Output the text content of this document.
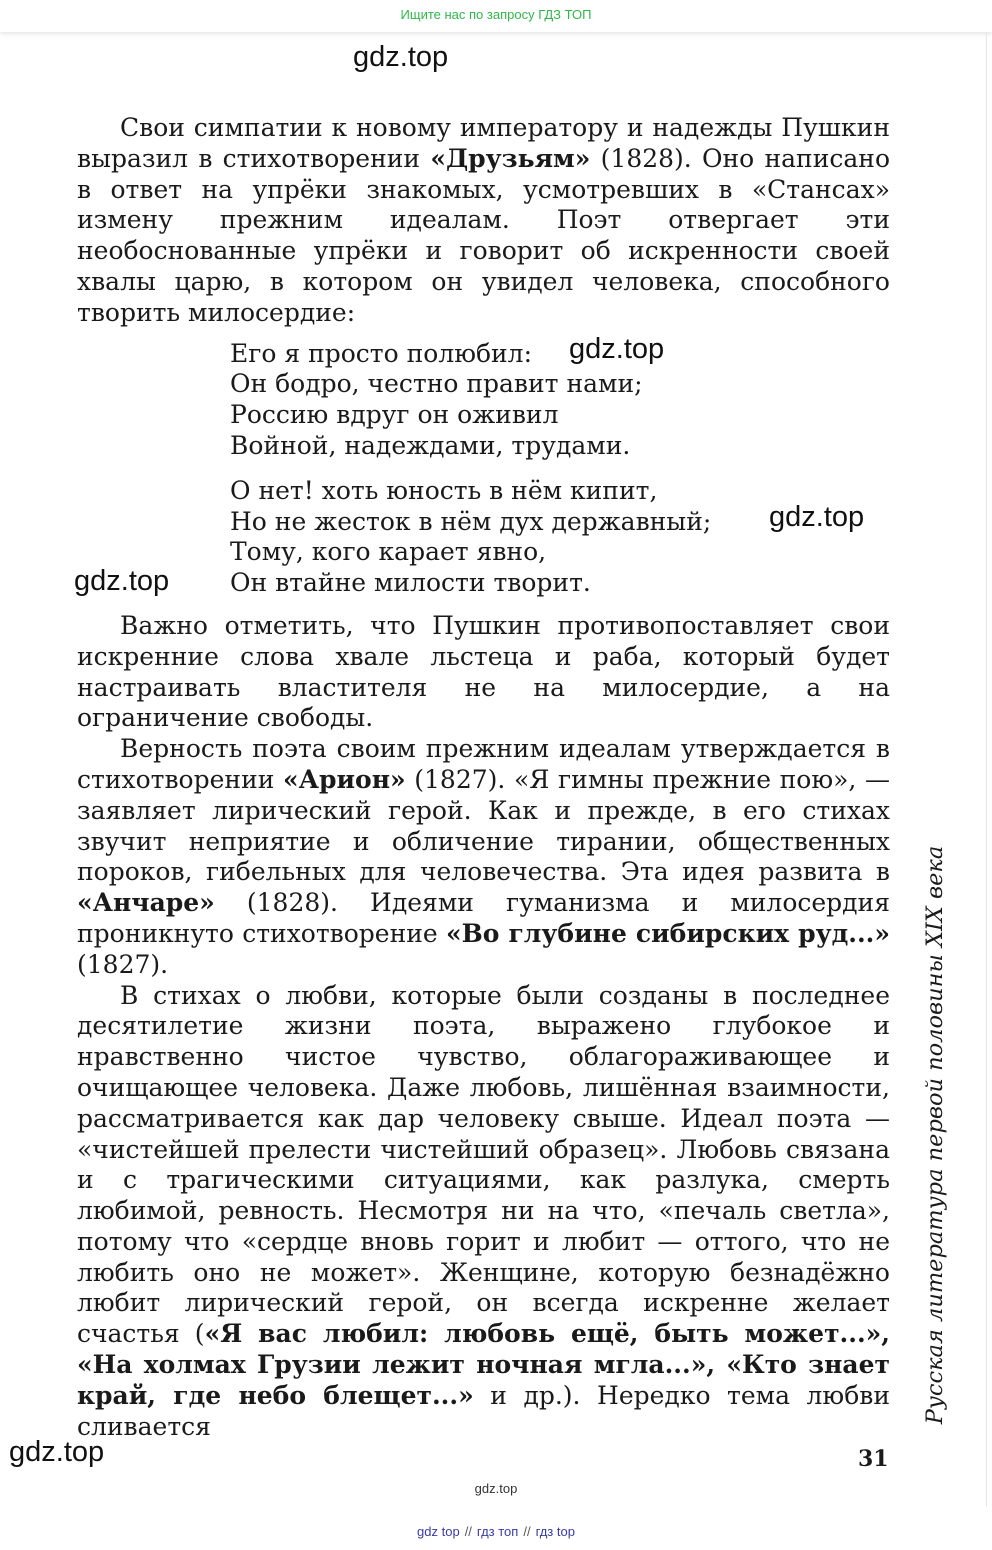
Ищите нас по запросу ГДЗ ТОП
gdz.top
gdz.top
gdz.top
gdz.top
gdz.top

Свои симпатии к новому императору и надежды Пушкин выразил в стихотворении «Друзьям» (1828). Оно написано в ответ на упрёки знакомых, усмотревших в «Стансах» измену прежним идеалам. Поэт отвергает эти необоснованные упрёки и говорит об искренности своей хвалы царю, в котором он увидел человека, способного творить милосердие:

Его я просто полюбил:
Он бодро, честно правит нами;
Россию вдруг он оживил
Войной, надеждами, трудами.
О нет! хоть юность в нём кипит,
Но не жесток в нём дух державный;
Тому, кого карает явно,
Он втайне милости творит.

Важно отметить, что Пушкин противопоставляет свои искренние слова хвале льстеца и раба, который будет настраивать властителя не на милосердие, а на ограничение свободы.

Верность поэта своим прежним идеалам утверждается в стихотворении «Арион» (1827). «Я гимны прежние пою», — заявляет лирический герой. Как и прежде, в его стихах звучит неприятие и обличение тирании, общественных пороков, гибельных для человечества. Эта идея развита в «Анчаре» (1828). Идеями гуманизма и милосердия проникнуто стихотворение «Во глубине сибирских руд...» (1827).

В стихах о любви, которые были созданы в последнее десятилетие жизни поэта, выражено глубокое и нравственно чистое чувство, облагораживающее и очищающее человека. Даже любовь, лишённая взаимности, рассматривается как дар человеку свыше. Идеал поэта — «чистейшей прелести чистейший образец». Любовь связана и с трагическими ситуациями, как разлука, смерть любимой, ревность. Несмотря ни на что, «печаль светла», потому что «сердце вновь горит и любит — оттого, что не любить оно не может». Женщине, которую безнадёжно любит лирический герой, он всегда искренне желает счастья («Я вас любил: любовь ещё, быть может...», «На холмах Грузии лежит ночная мгла...», «Кто знает край, где небо блещет...» и др.). Нередко тема любви сливается

Русская литература первой половины XIX века
31
gdz.top
gdz top // гдз топ // гдз top
